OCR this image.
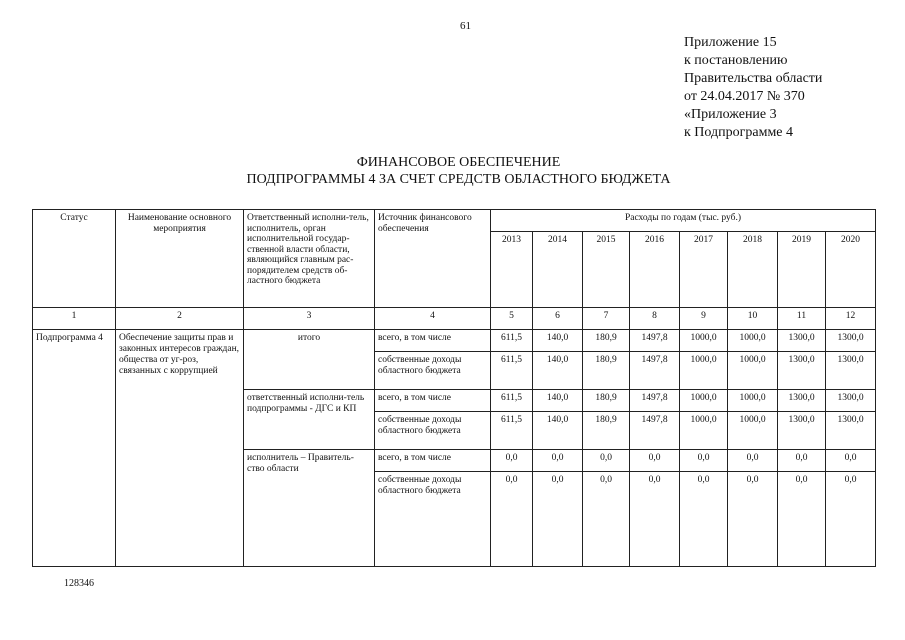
61
Приложение 15
к постановлению
Правительства области
от 24.04.2017 № 370
«Приложение 3
к Подпрограмме 4
ФИНАНСОВОЕ ОБЕСПЕЧЕНИЕ
ПОДПРОГРАММЫ 4 ЗА СЧЕТ СРЕДСТВ ОБЛАСТНОГО БЮДЖЕТА
Статус	Наименование основного мероприятия	Ответственный исполни-тель, исполнитель, орган исполнительной государ-ственной власти области, являющийся главным рас-порядителем средств об-ластного бюджета	Источник финансового обеспечения	Расходы по годам (тыс. руб.)							
				2013	2014	2015	2016	2017	2018	2019	2020
1	2	3	4	5	6	7	8	9	10	11	12
Подпрограмма 4	Обеспечение защиты прав и законных интересов граждан, общества от уг-роз, связанных с коррупцией	итого	всего, в том числе	611,5	140,0	180,9	1497,8	1000,0	1000,0	1300,0	1300,0
			собственные доходы областного бюджета	611,5	140,0	180,9	1497,8	1000,0	1000,0	1300,0	1300,0
		ответственный исполни-тель подпрограммы - ДГС и КП	всего, в том числе	611,5	140,0	180,9	1497,8	1000,0	1000,0	1300,0	1300,0
			собственные доходы областного бюджета	611,5	140,0	180,9	1497,8	1000,0	1000,0	1300,0	1300,0
		исполнитель – Правитель-ство области	всего, в том числе	0,0	0,0	0,0	0,0	0,0	0,0	0,0	0,0
			собственные доходы областного бюджета	0,0	0,0	0,0	0,0	0,0	0,0	0,0	0,0
128346
